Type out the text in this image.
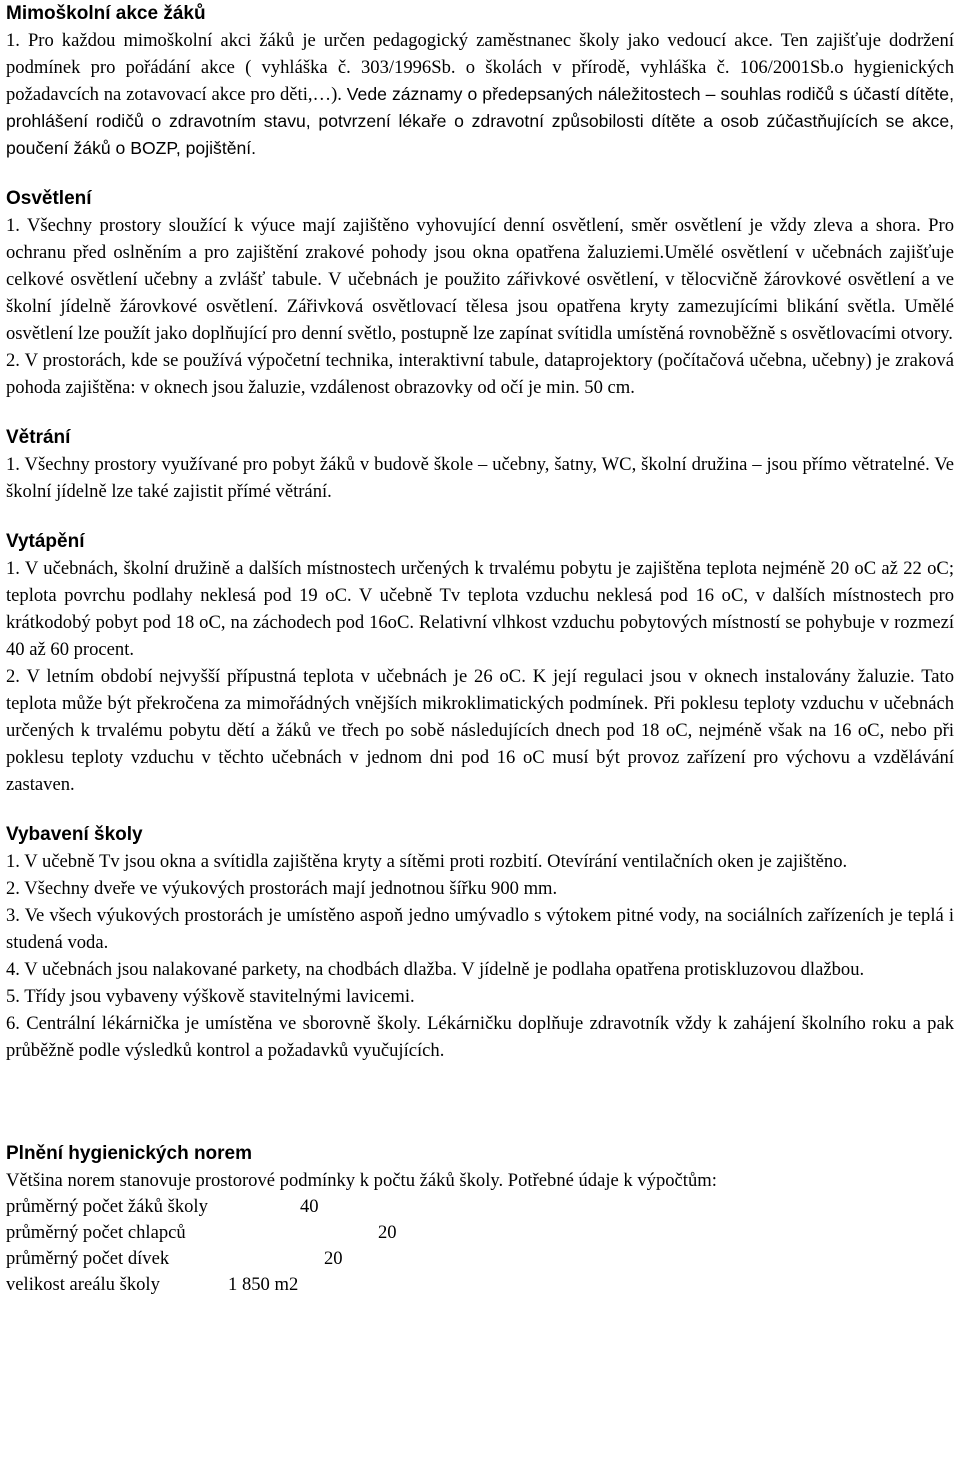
Mimoškolní akce žáků

1. Pro každou mimoškolní akci žáků je určen pedagogický zaměstnanec školy jako vedoucí akce. Ten zajišťuje dodržení podmínek pro pořádání akce ( vyhláška č. 303/1996Sb. o školách v přírodě, vyhláška č. 106/2001Sb.o hygienických požadavcích na zotavovací akce pro děti,…). Vede záznamy o předepsaných náležitostech – souhlas rodičů s účastí dítěte, prohlášení rodičů o zdravotním stavu, potvrzení lékaře o zdravotní způsobilosti dítěte a osob zúčastňujících se akce, poučení žáků o BOZP, pojištění.

Osvětlení

1. Všechny prostory sloužící k výuce mají zajištěno vyhovující denní osvětlení, směr osvětlení je vždy zleva a shora. Pro ochranu před oslněním a pro zajištění zrakové pohody jsou okna opatřena žaluziemi.Umělé osvětlení v učebnách zajišťuje celkové osvětlení učebny a zvlášť tabule. V učebnách je použito zářivkové osvětlení, v tělocvičně žárovkové osvětlení a ve školní jídelně žárovkové osvětlení. Zářivková osvětlovací tělesa jsou opatřena kryty zamezujícími blikání světla. Umělé osvětlení lze použít jako doplňující pro denní světlo, postupně lze zapínat svítidla umístěná rovnoběžně s osvětlovacími otvory.

2. V prostorách, kde se používá výpočetní technika, interaktivní tabule, dataprojektory (počítačová učebna, učebny) je zraková pohoda zajištěna: v oknech jsou žaluzie, vzdálenost obrazovky od očí je min. 50 cm.

Větrání

1. Všechny prostory využívané pro pobyt žáků v budově škole – učebny, šatny, WC, školní družina – jsou přímo větratelné. Ve školní jídelně lze také zajistit přímé větrání.

Vytápění

1. V učebnách, školní družině a dalších místnostech určených k trvalému pobytu je zajištěna teplota nejméně 20 oC až 22 oC; teplota povrchu podlahy neklesá pod 19 oC. V učebně Tv teplota vzduchu neklesá pod 16 oC, v dalších místnostech pro krátkodobý pobyt pod 18 oC, na záchodech pod 16oC. Relativní vlhkost vzduchu pobytových místností se pohybuje v rozmezí 40 až 60 procent.

2. V letním období nejvyšší přípustná teplota v učebnách je 26 oC. K její regulaci jsou v oknech instalovány žaluzie. Tato teplota může být překročena za mimořádných vnějších mikroklimatických podmínek. Při poklesu teploty vzduchu v učebnách určených k trvalému pobytu dětí a žáků ve třech po sobě následujících dnech pod 18 oC, nejméně však na 16 oC, nebo při poklesu teploty vzduchu v těchto učebnách v jednom dni pod 16 oC musí být provoz zařízení pro výchovu a vzdělávání zastaven.

Vybavení školy

1. V učebně Tv jsou okna a svítidla zajištěna kryty a sítěmi proti rozbití. Otevírání ventilačních oken je zajištěno.

2. Všechny dveře ve výukových prostorách mají jednotnou šířku 900 mm.

3. Ve všech výukových prostorách je umístěno aspoň jedno umývadlo s výtokem pitné vody, na sociálních zařízeních je teplá i studená voda.

4. V učebnách jsou nalakované parkety, na chodbách dlažba. V jídelně je podlaha opatřena protiskluzovou dlažbou.

5. Třídy jsou vybaveny výškově stavitelnými lavicemi.

6. Centrální lékárnička je umístěna ve sborovně školy. Lékárničku doplňuje zdravotník vždy k zahájení školního roku a pak průběžně podle výsledků kontrol a požadavků vyučujících.

Plnění hygienických norem

Většina norem stanovuje prostorové podmínky k počtu žáků školy. Potřebné údaje k výpočtům:

průměrný počet žáků školy	40
průměrný počet chlapců	20
průměrný počet dívek	20
velikost areálu školy	1 850 m2
